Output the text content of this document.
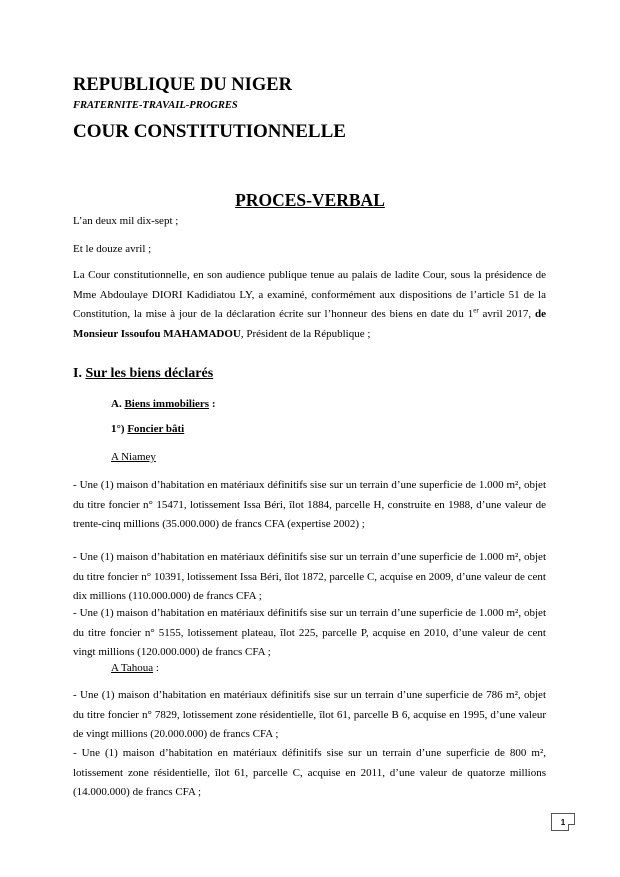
REPUBLIQUE DU NIGER
FRATERNITE-TRAVAIL-PROGRES
COUR CONSTITUTIONNELLE
PROCES-VERBAL
L’an deux mil dix-sept ;
Et le douze avril ;
La Cour constitutionnelle, en son audience publique tenue au palais de ladite Cour, sous la présidence de Mme Abdoulaye DIORI Kadidiatou LY, a examiné, conformément aux dispositions de l’article 51 de la Constitution, la mise à jour de la déclaration écrite sur l’honneur des biens en date du 1er avril 2017, de Monsieur Issoufou MAHAMADOU, Président de la République ;
I. Sur les biens déclarés
A. Biens immobiliers :
1°) Foncier bâti
A Niamey
- Une (1) maison d’habitation en matériaux définitifs sise sur un terrain d’une superficie de 1.000 m², objet du titre foncier n° 15471, lotissement Issa Béri, îlot 1884, parcelle H, construite en 1988, d’une valeur de trente-cinq millions (35.000.000) de francs CFA (expertise 2002) ;
- Une (1) maison d’habitation en matériaux définitifs sise sur un terrain d’une superficie de 1.000 m², objet du titre foncier n° 10391, lotissement Issa Béri, îlot 1872, parcelle C, acquise en 2009, d’une valeur de cent dix millions (110.000.000) de francs CFA ;
- Une (1) maison d’habitation en matériaux définitifs sise sur un terrain d’une superficie de 1.000 m², objet du titre foncier n° 5155, lotissement plateau, îlot 225, parcelle P, acquise en 2010, d’une valeur de cent vingt millions (120.000.000) de francs CFA ;
A Tahoua :
- Une (1) maison d’habitation en matériaux définitifs sise sur un terrain d’une superficie de 786 m², objet du titre foncier n° 7829, lotissement zone résidentielle, îlot 61, parcelle B 6, acquise en 1995, d’une valeur de vingt millions (20.000.000) de francs CFA ;
- Une (1) maison d’habitation en matériaux définitifs sise sur un terrain d’une superficie de 800 m², lotissement zone résidentielle, îlot 61, parcelle C, acquise en 2011, d’une valeur de quatorze millions (14.000.000) de francs CFA ;
1
